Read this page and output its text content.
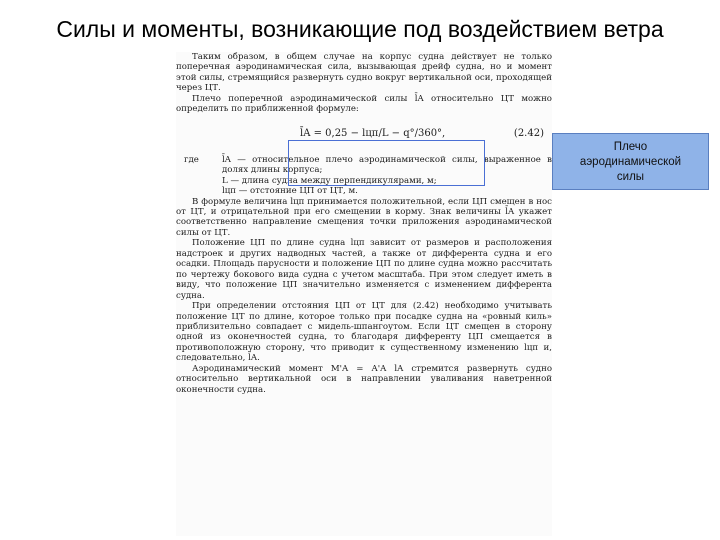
Силы и моменты, возникающие под воздействием ветра

Таким образом, в общем случае на корпус судна действует не только поперечная аэродинамическая сила, вызывающая дрейф судна, но и момент этой силы, стремящийся развернуть судно вокруг вертикальной оси, проходящей через ЦТ.

Плечо поперечной аэродинамической силы l̄A относительно ЦТ можно определить по приближенной формуле:

l̄A = 0,25 − lцп/L − q°/360°,	(2.42)
где	l̄A — относительное плечо аэродинамической силы, выраженное в долях длины корпуса;

L — длина судна между перпендикулярами, м;

lцп — отстояние ЦП от ЦТ, м.

В формуле величина lцп принимается положительной, если ЦП смещен в нос от ЦТ, и отрицательной при его смещении в корму. Знак величины l̄A укажет соответственно направление смещения точки приложения аэродинамической силы от ЦТ.

Положение ЦП по длине судна lцп зависит от размеров и расположения надстроек и других надводных частей, а также от дифферента судна и его осадки. Площадь парусности и положение ЦП по длине судна можно рассчитать по чертежу бокового вида судна с учетом масштаба. При этом следует иметь в виду, что положение ЦП значительно изменяется с изменением дифферента судна.

При определении отстояния ЦП от ЦТ для (2.42) необходимо учитывать положение ЦТ по длине, которое только при посадке судна на «ровный киль» приблизительно совпадает с мидель-шпангоутом. Если ЦТ смещен в сторону одной из оконечностей судна, то благодаря дифференту ЦП смещается в противоположную сторону, что приводит к существенному изменению lцп и, следовательно, l̄A.

Аэродинамический момент M'A = A'A lA стремится развернуть судно относительно вертикальной оси в направлении уваливания наветренной оконечности судна.

Плечо
аэродинамической
силы
